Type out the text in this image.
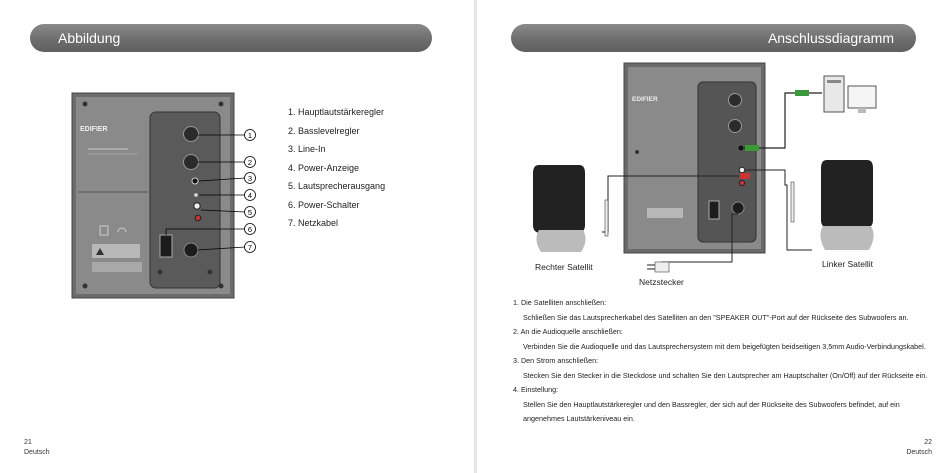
Abbildung
EDIFIER
1
2
3
4
5
6
7
1. Hauptlautstärkeregler
2. Basslevelregler
3. Line-In
4. Power-Anzeige
5. Lautsprecherausgang
6. Power-Schalter
7. Netzkabel
21
Deutsch
Anschlussdiagramm
EDIFIER
Rechter Satellit	Linker Satellit
Netzstecker

1. Die Satelliten anschließen:

Schließen Sie das Lautsprecherkabel des Satelliten an den "SPEAKER OUT"-Port auf der Rückseite des Subwoofers an.

2. An die Audioquelle anschließen:

Verbinden Sie die Audioquelle und das Lautsprechersystem mit dem beigefügten beidseitigen 3,5mm Audio-Verbindungskabel.

3. Den Strom anschließen:

Stecken Sie den Stecker in die Steckdose und schalten Sie den Lautsprecher am Hauptschalter (On/Off) auf der Rückseite ein.

4. Einstellung:

Stellen Sie den Hauptlautstärkeregler und den Bassregler, der sich auf der Rückseite des Subwoofers befindet, auf ein

angenehmes Lautstärkeniveau ein.

22
Deutsch
